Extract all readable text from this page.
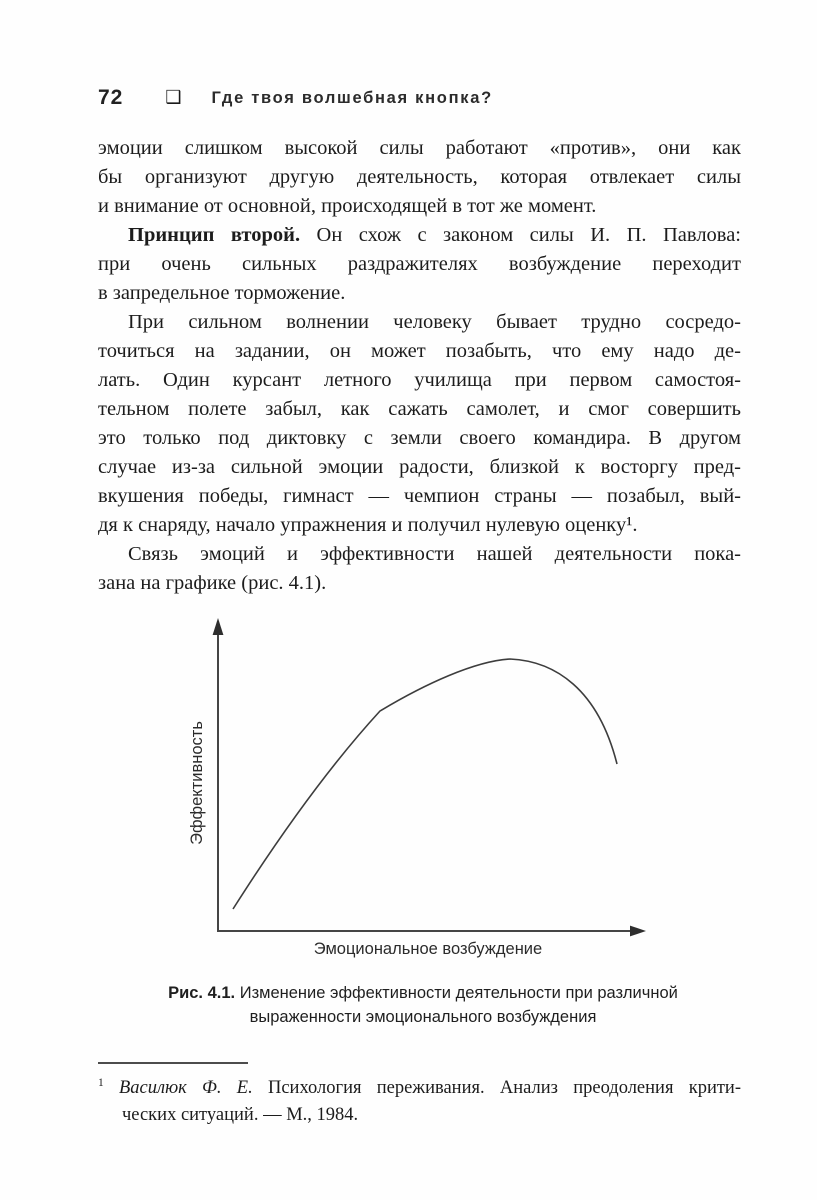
72 ❑ Где твоя волшебная кнопка?
эмоции слишком высокой силы работают «против», они как
бы организуют другую деятельность, которая отвлекает силы
и внимание от основной, происходящей в тот же момент.
Принцип второй. Он схож с законом силы И. П. Павлова:
при очень сильных раздражителях возбуждение переходит
в запредельное торможение.
При сильном волнении человеку бывает трудно сосредо-
точиться на задании, он может позабыть, что ему надо де-
лать. Один курсант летного училища при первом самостоя-
тельном полете забыл, как сажать самолет, и смог совершить
это только под диктовку с земли своего командира. В другом
случае из-за сильной эмоции радости, близкой к восторгу пред-
вкушения победы, гимнаст — чемпион страны — позабыл, вый-
дя к снаряду, начало упражнения и получил нулевую оценку¹.
Связь эмоций и эффективности нашей деятельности пока-
зана на графике (рис. 4.1).
Эффективность
Эмоциональное возбуждение
Рис. 4.1. Изменение эффективности деятельности при различной
выраженности эмоционального возбуждения
$^1$ Василюк Ф. Е. Психология переживания. Анализ преодоления крити-
ческих ситуаций. — М., 1984.
